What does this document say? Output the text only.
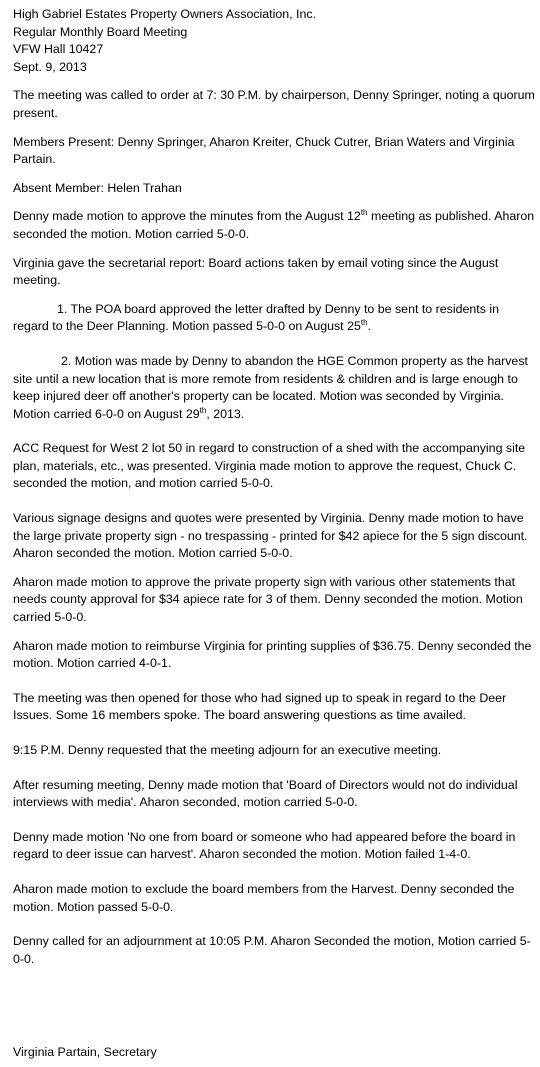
High Gabriel Estates Property Owners Association, Inc.
Regular Monthly Board Meeting
VFW Hall 10427
Sept. 9, 2013

The meeting was called to order at 7: 30 P.M. by chairperson, Denny Springer, noting a quorum present.

Members Present: Denny Springer, Aharon Kreiter, Chuck Cutrer, Brian Waters and Virginia Partain.

Absent Member: Helen Trahan

Denny made motion to approve the minutes from the August 12th meeting as published. Aharon seconded the motion. Motion carried 5-0-0.

Virginia gave the secretarial report: Board actions taken by email voting since the August meeting.

1. The POA board approved the letter drafted by Denny to be sent to residents in regard to the Deer Planning. Motion passed 5-0-0 on August 25th.

2. Motion was made by Denny to abandon the HGE Common property as the harvest site until a new location that is more remote from residents & children and is large enough to keep injured deer off another's property can be located. Motion was seconded by Virginia. Motion carried 6-0-0 on August 29th, 2013.

ACC Request for West 2 lot 50 in regard to construction of a shed with the accompanying site plan, materials, etc., was presented. Virginia made motion to approve the request, Chuck C. seconded the motion, and motion carried 5-0-0.

Various signage designs and quotes were presented by Virginia. Denny made motion to have the large private property sign - no trespassing - printed for $42 apiece for the 5 sign discount. Aharon seconded the motion. Motion carried 5-0-0.

Aharon made motion to approve the private property sign with various other statements that needs county approval for $34 apiece rate for 3 of them. Denny seconded the motion. Motion carried 5-0-0.

Aharon made motion to reimburse Virginia for printing supplies of $36.75. Denny seconded the motion. Motion carried 4-0-1.

The meeting was then opened for those who had signed up to speak in regard to the Deer Issues. Some 16 members spoke. The board answering questions as time availed.

9:15 P.M. Denny requested that the meeting adjourn for an executive meeting.

After resuming meeting, Denny made motion that 'Board of Directors would not do individual interviews with media'. Aharon seconded, motion carried 5-0-0.

Denny made motion 'No one from board or someone who had appeared before the board in regard to deer issue can harvest'. Aharon seconded the motion. Motion failed 1-4-0.

Aharon made motion to exclude the board members from the Harvest. Denny seconded the motion. Motion passed 5-0-0.

Denny called for an adjournment at 10:05 P.M. Aharon Seconded the motion, Motion carried 5-0-0.

Virginia Partain, Secretary
